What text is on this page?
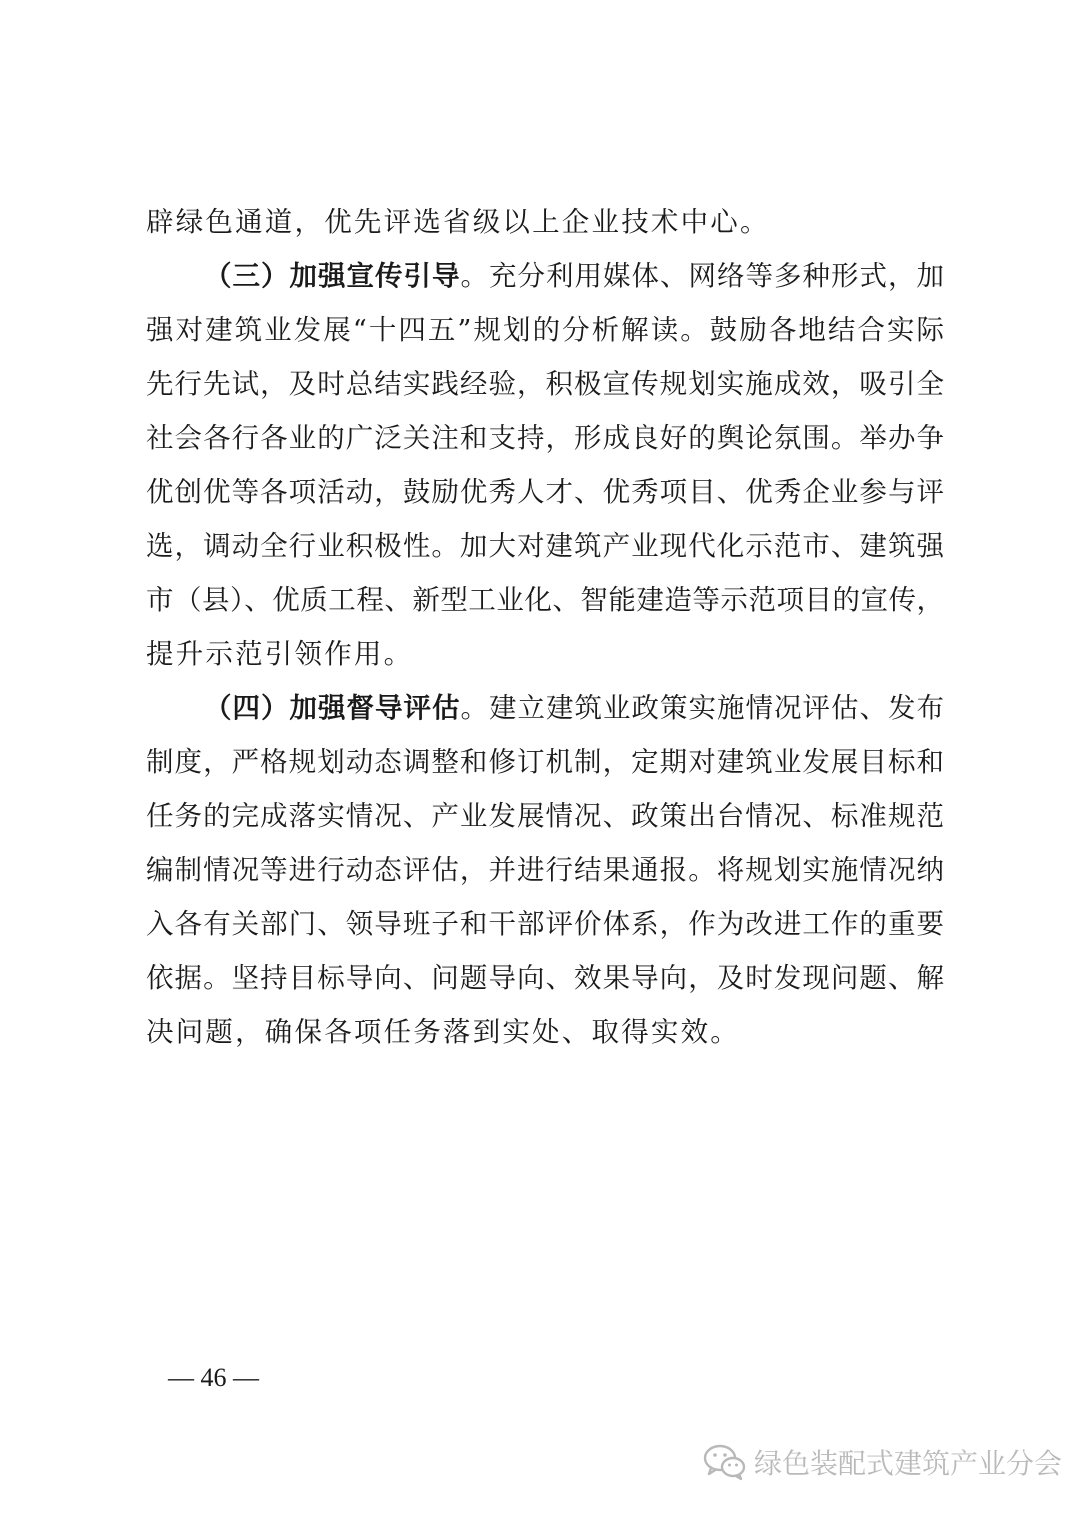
辟绿色通道，优先评选省级以上企业技术中心。
（三）加强宣传引导。充分利用媒体、网络等多种形式，加
强对建筑业发展“十四五”规划的分析解读。鼓励各地结合实际
先行先试，及时总结实践经验，积极宣传规划实施成效，吸引全
社会各行各业的广泛关注和支持，形成良好的舆论氛围。举办争
优创优等各项活动，鼓励优秀人才、优秀项目、优秀企业参与评
选，调动全行业积极性。加大对建筑产业现代化示范市、建筑强
市（县）、优质工程、新型工业化、智能建造等示范项目的宣传，
提升示范引领作用。
（四）加强督导评估。建立建筑业政策实施情况评估、发布
制度，严格规划动态调整和修订机制，定期对建筑业发展目标和
任务的完成落实情况、产业发展情况、政策出台情况、标准规范
编制情况等进行动态评估，并进行结果通报。将规划实施情况纳
入各有关部门、领导班子和干部评价体系，作为改进工作的重要
依据。坚持目标导向、问题导向、效果导向，及时发现问题、解
决问题，确保各项任务落到实处、取得实效。
— 46 —
绿色装配式建筑产业分会
